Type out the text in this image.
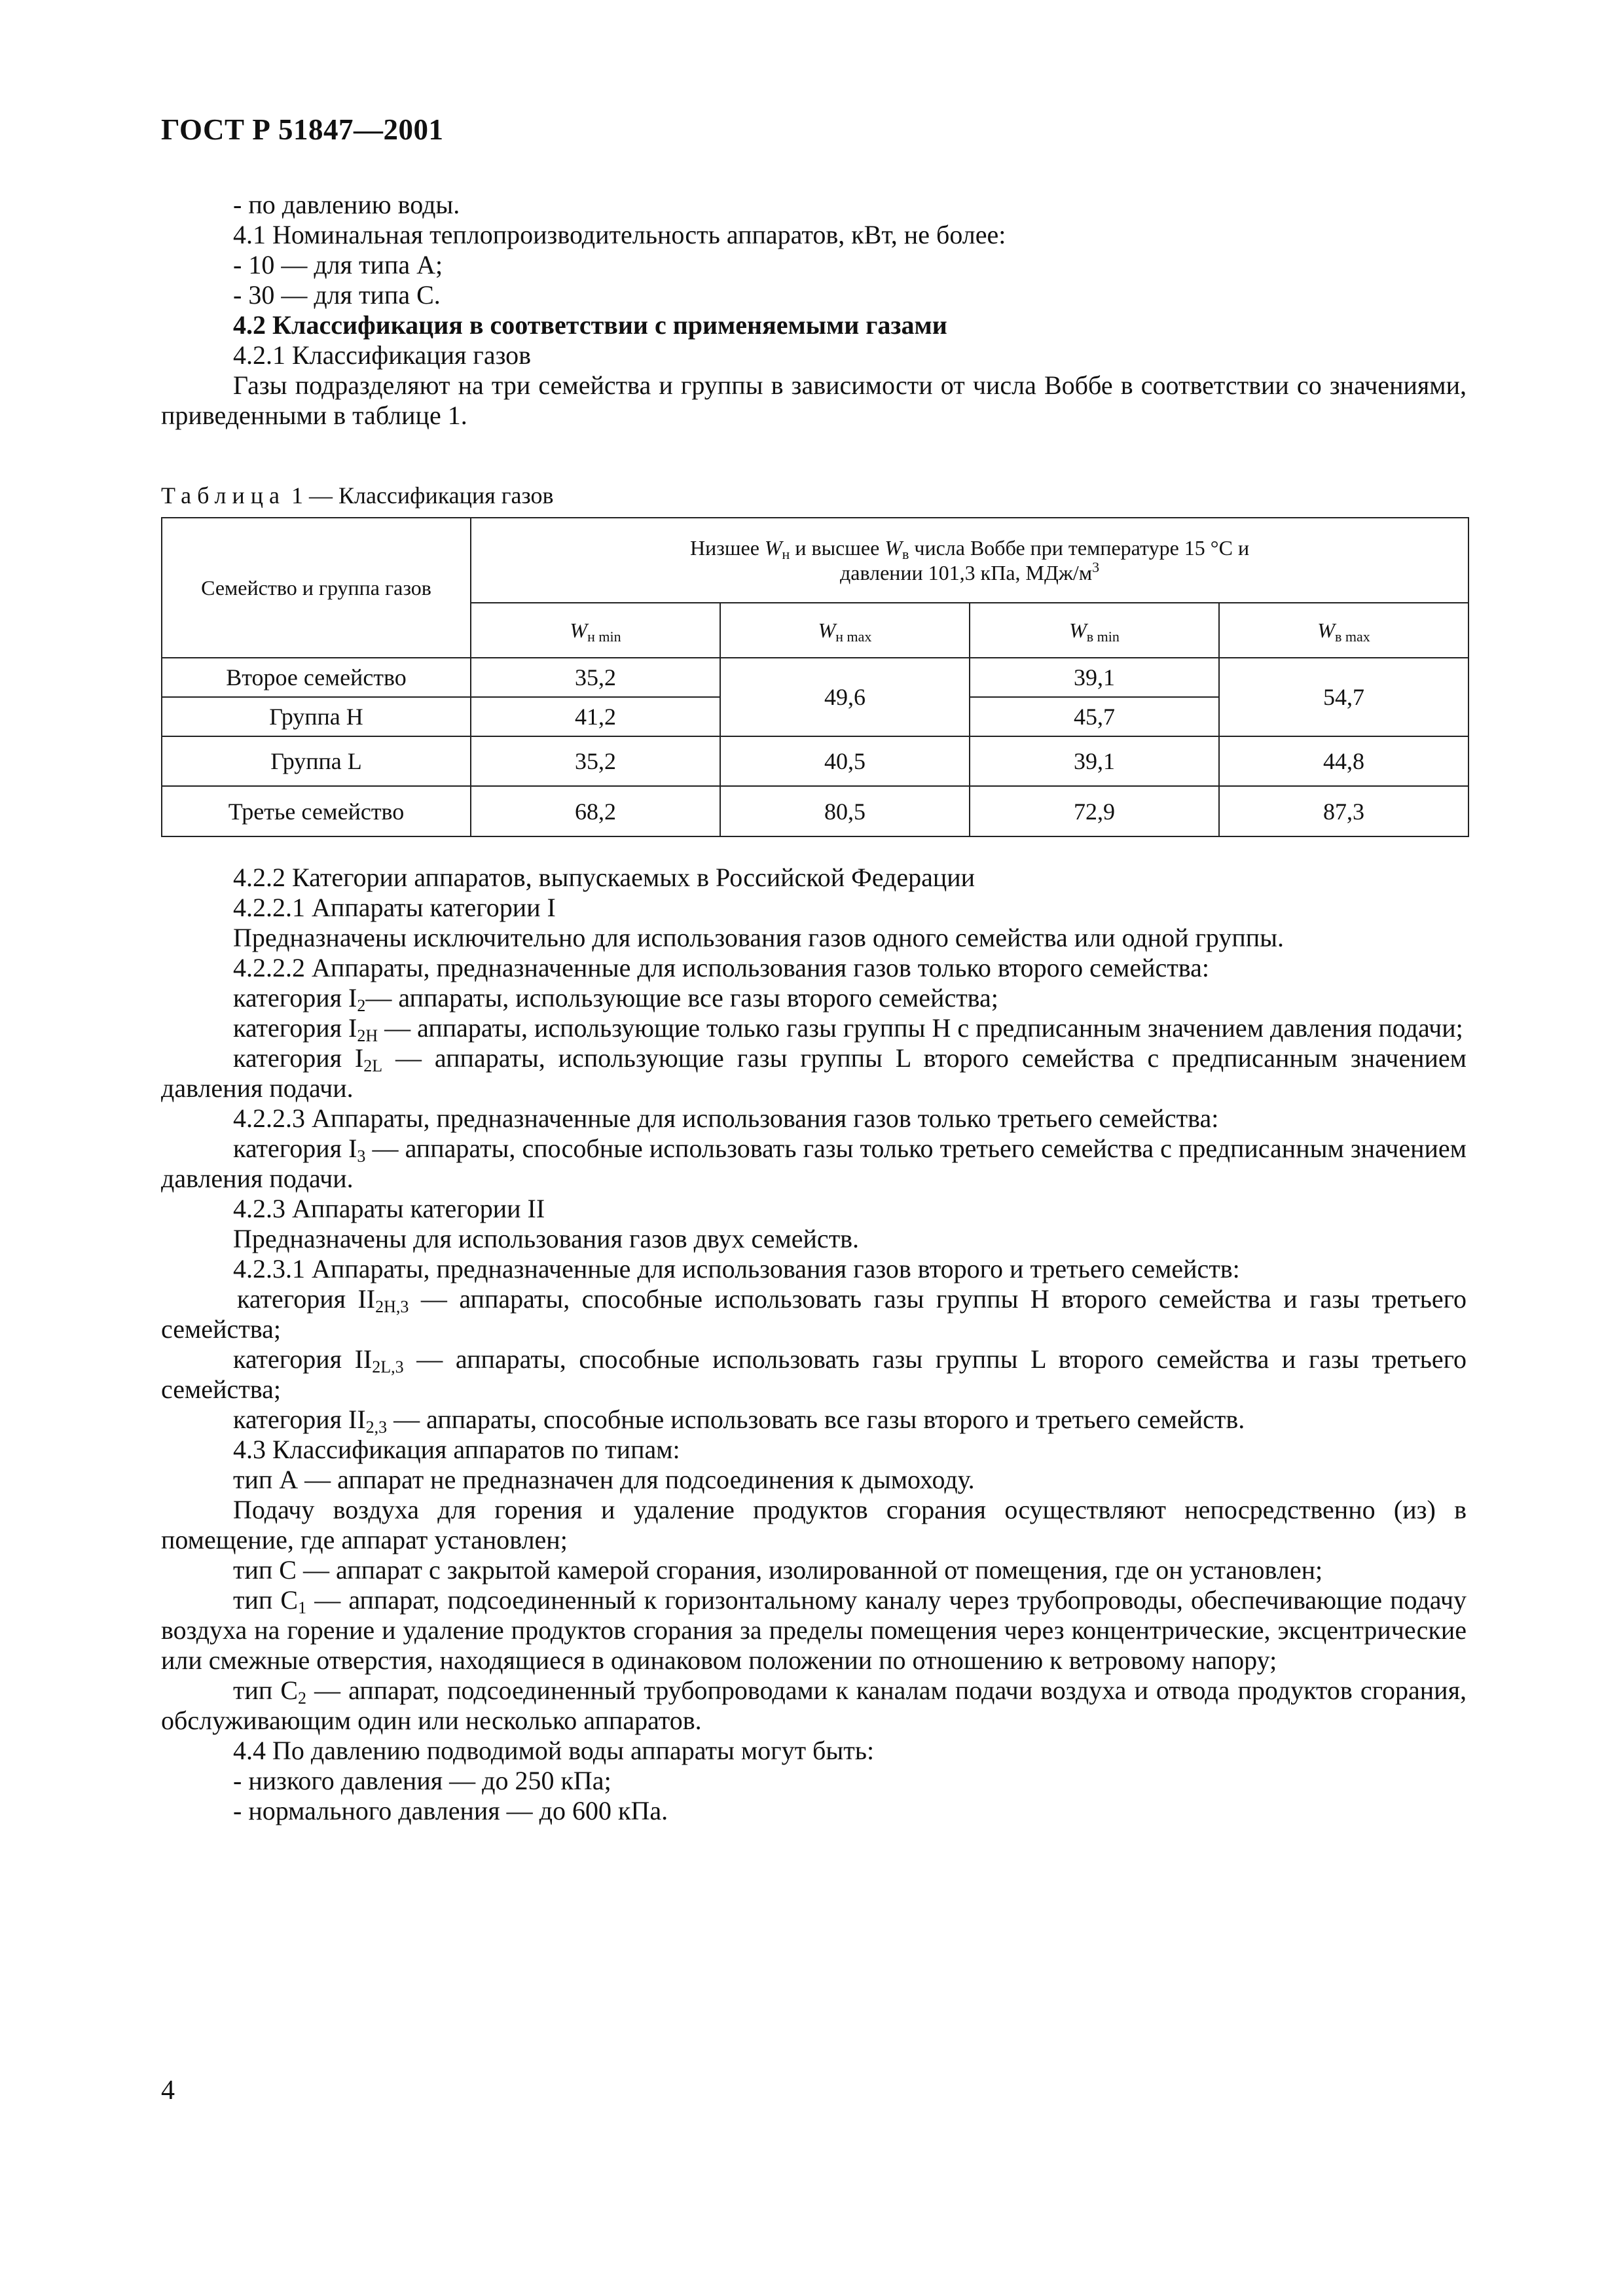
ГОСТ Р 51847—2001

- по давлению воды.

4.1 Номинальная теплопроизводительность аппаратов, кВт, не более:

- 10 — для типа А;

- 30 — для типа С.

4.2 Классификация в соответствии с применяемыми газами

4.2.1 Классификация газов

Газы подразделяют на три семейства и группы в зависимости от числа Воббе в соответствии со значениями, приведенными в таблице 1.

Таблица 1 — Классификация газов
Семейство и группа газов	Низшее $W_н$ и высшее $W_в$ числа Воббе при температуре 15 °С и
давлении 101,3 кПа, МДж/$м^3$

	$W_{н min}$	$W_{н max}$	$W_{в min}$	$W_{в max}$
Второе семейство	35,2	49,6	39,1	54,7
Группа Н	41,2		45,7	
Группа L	35,2	40,5	39,1	44,8
Третье семейство	68,2	80,5	72,9	87,3

4.2.2 Категории аппаратов, выпускаемых в Российской Федерации

4.2.2.1 Аппараты категории I

Предназначены исключительно для использования газов одного семейства или одной группы.

4.2.2.2 Аппараты, предназначенные для использования газов только второго семейства:

категория $I_2—$ аппараты, использующие все газы второго семейства;

категория $I_{2Н}$ — аппараты, использующие только газы группы Н с предписанным значением давления подачи;

категория $I_{2L}$ — аппараты, использующие газы группы L второго семейства с предписанным значением давления подачи.

4.2.2.3 Аппараты, предназначенные для использования газов только третьего семейства:

категория $I_3$ — аппараты, способные использовать газы только третьего семейства с предписанным значением давления подачи.

4.2.3 Аппараты категории II

Предназначены для использования газов двух семейств.

4.2.3.1 Аппараты, предназначенные для использования газов второго и третьего семейств:

категория $II_{2Н,3}$ — аппараты, способные использовать газы группы Н второго семейства и газы третьего семейства;

категория $II_{2L,3}$ — аппараты, способные использовать газы группы L второго семейства и газы третьего семейства;

категория $II_{2,3}$ — аппараты, способные использовать все газы второго и третьего семейств.

4.3 Классификация аппаратов по типам:

тип А — аппарат не предназначен для подсоединения к дымоходу.

Подачу воздуха для горения и удаление продуктов сгорания осуществляют непосредственно (из) в помещение, где аппарат установлен;

тип С — аппарат с закрытой камерой сгорания, изолированной от помещения, где он установлен;

тип $С_1$ — аппарат, подсоединенный к горизонтальному каналу через трубопроводы, обеспечивающие подачу воздуха на горение и удаление продуктов сгорания за пределы помещения через концентрические, эксцентрические или смежные отверстия, находящиеся в одинаковом положении по отношению к ветровому напору;

тип $С_2$ — аппарат, подсоединенный трубопроводами к каналам подачи воздуха и отвода продуктов сгорания, обслуживающим один или несколько аппаратов.

4.4 По давлению подводимой воды аппараты могут быть:

- низкого давления — до 250 кПа;

- нормального давления — до 600 кПа.

4
